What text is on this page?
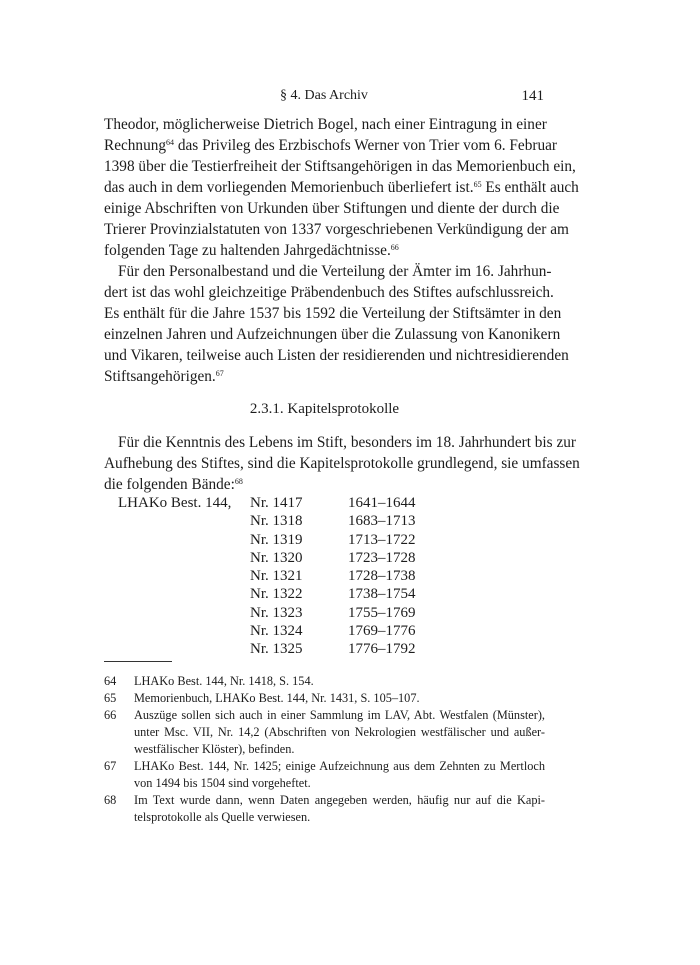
§ 4. Das Archiv	141
Theodor, möglicherweise Dietrich Bogel, nach einer Eintragung in einer
Rechnung$^{64}$ das Privileg des Erzbischofs Werner von Trier vom 6. Februar
1398 über die Testierfreiheit der Stiftsangehörigen in das Memorienbuch ein,
das auch in dem vorliegenden Memorienbuch überliefert ist.$^{65}$ Es enthält auch
einige Abschriften von Urkunden über Stiftungen und diente der durch die
Trierer Provinzialstatuten von 1337 vorgeschriebenen Verkündigung der am
folgenden Tage zu haltenden Jahrgedächtnisse.$^{66}$
Für den Personalbestand und die Verteilung der Ämter im 16. Jahrhun-
dert ist das wohl gleichzeitige Präbendenbuch des Stiftes aufschlussreich.
Es enthält für die Jahre 1537 bis 1592 die Verteilung der Stiftsämter in den
einzelnen Jahren und Aufzeichnungen über die Zulassung von Kanonikern
und Vikaren, teilweise auch Listen der residierenden und nichtresidierenden
Stiftsangehörigen.$^{67}$
2.3.1. Kapitelsprotokolle
Für die Kenntnis des Lebens im Stift, besonders im 18. Jahrhundert bis zur
Aufhebung des Stiftes, sind die Kapitelsprotokolle grundlegend, sie umfassen
die folgenden Bände:$^{68}$
LHAKo Best. 144, Nr. 1417	1641–1644
Nr. 1318	1683–1713
Nr. 1319	1713–1722
Nr. 1320	1723–1728
Nr. 1321	1728–1738
Nr. 1322	1738–1754
Nr. 1323	1755–1769
Nr. 1324	1769–1776
Nr. 1325	1776–1792
64 LHAKo Best. 144, Nr. 1418, S. 154.
65 Memorienbuch, LHAKo Best. 144, Nr. 1431, S. 105–107.
66 Auszüge sollen sich auch in einer Sammlung im LAV, Abt. Westfalen (Münster),
unter Msc. VII, Nr. 14,2 (Abschriften von Nekrologien westfälischer und außer-
westfälischer Klöster), befinden.
67 LHAKo Best. 144, Nr. 1425; einige Aufzeichnung aus dem Zehnten zu Mertloch
von 1494 bis 1504 sind vorgeheftet.
68 Im Text wurde dann, wenn Daten angegeben werden, häufig nur auf die Kapi-
telsprotokolle als Quelle verwiesen.
